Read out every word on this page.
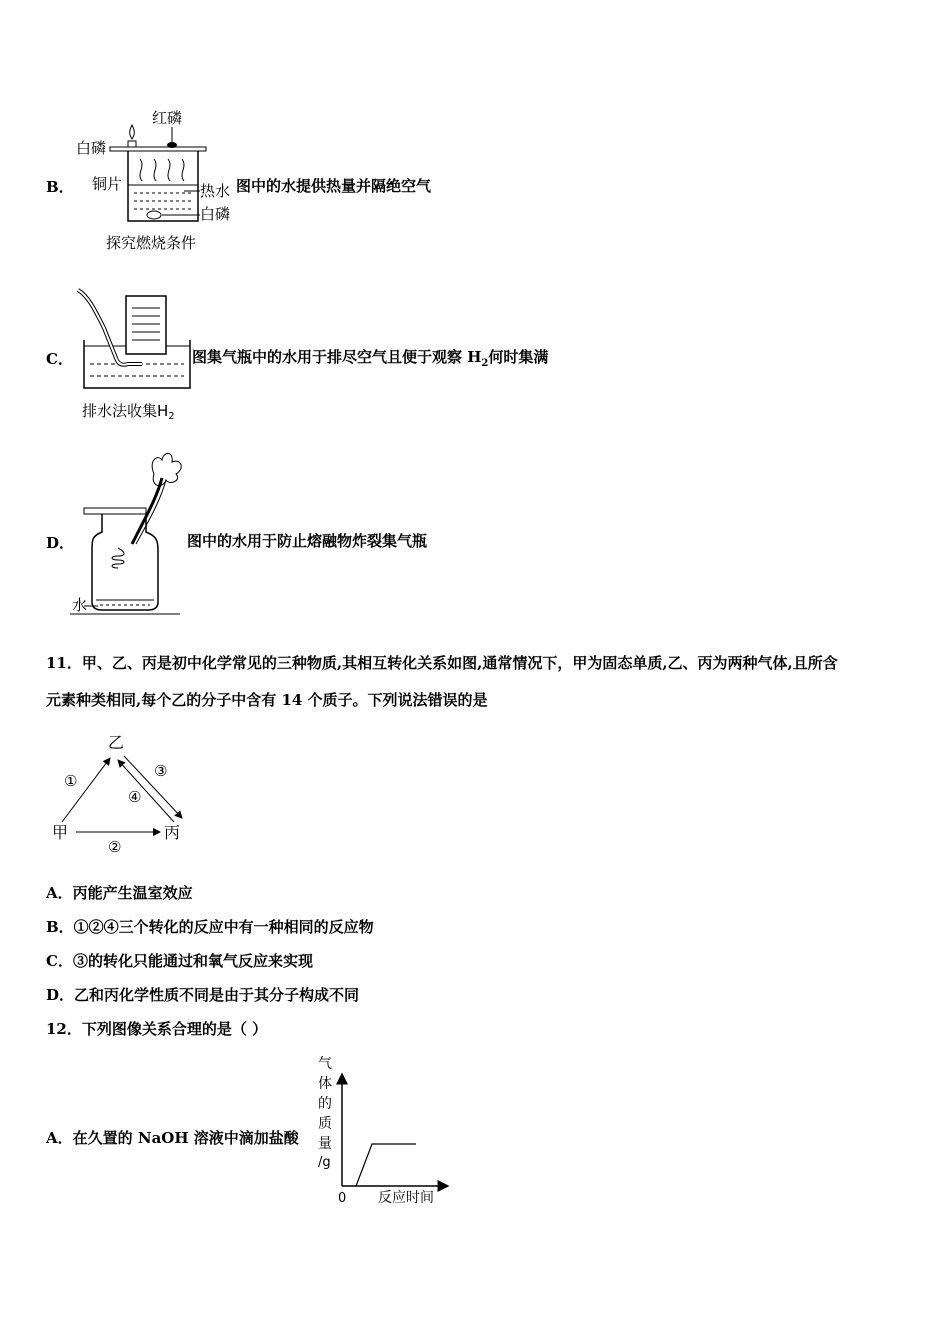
B．
红磷
白磷
铜片	热水
白磷
探究燃烧条件
图中的水提供热量并隔绝空气
C．
排水法收集$H_2$
图集气瓶中的水用于排尽空气且便于观察 $H_2$何时集满
D．
水
图中的水用于防止熔融物炸裂集气瓶
11．甲、乙、丙是初中化学常见的三种物质,其相互转化关系如图,通常情况下，甲为固态单质,乙、丙为两种气体,且所含
元素种类相同,每个乙的分子中含有 14 个质子。下列说法错误的是
乙
甲	丙
①
②
③
④
A．丙能产生温室效应
B．①②④三个转化的反应中有一种相同的反应物
C．③的转化只能通过和氧气反应来实现
D．乙和丙化学性质不同是由于其分子构成不同
12．下列图像关系合理的是（ ）
A．在久置的 NaOH 溶液中滴加盐酸
气
体
的
质
量
/g
0 反应时间
